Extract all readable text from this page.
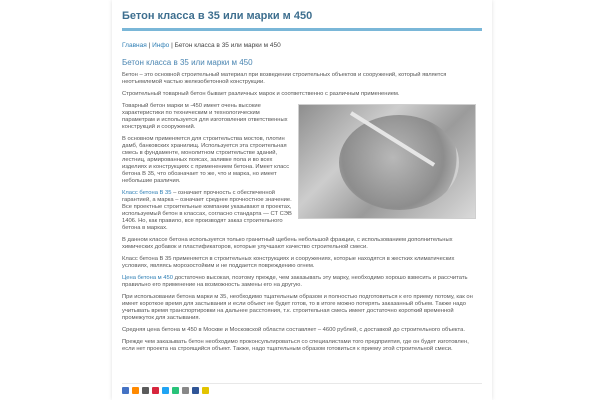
Бетон класса в 35 или марки м 450
Главная | Инфо | Бетон класса в 35 или марки м 450
Бетон класса в 35 или марки м 450

Бетон – это основной строительный материал при возведении строительных объектов и сооружений, который является неотъемлемой частью железобетонной конструкции.

Строительный товарный бетон бывает различных марок и соответственно с различным применением.

Товарный бетон марки м -450 имеет очень высокие характеристики по техническим и технологическим параметрам и используется для изготовления ответственных конструкций и сооружений.

В основном применяется для строительства мостов, плотин дамб, банковских хранилищ. Используется эта строительная смесь в фундаменте, монолитном строительстве зданий, лестниц, армированных поясах, заливке пола и во всех изделиях и конструкциях с применением бетона. Имеет класс бетона В 35, что обозначает то же, что и марка, но имеет небольшие различия.

Класс бетона В 35 – означает прочность с обеспеченной гарантией, а марка – означает среднее прочностное значение. Все проектные строительные компании указывают в проектах, используемый бетон в классах, согласно стандарта — СТ СЭВ 1406. Но, как правило, все производят заказ строительного бетона в марках.

В данном классе бетона используется только гранитный щебень небольшой фракции, с использованием дополнительных химических добавок и пластификаторов, которые улучшают качество строительной смеси.

Класс бетона В 35 применяется в строительных конструкциях и сооружениях, которые находятся в жестких климатических условиях, являясь морозостойким и не поддается повреждению огнем.

Цена бетона м 450 достаточно высокая, поэтому прежде, чем заказывать эту марку, необходимо хорошо взвесить и рассчитать правильно его применение на возможность замены его на другую.

При использовании бетона марки м 35, необходимо тщательным образом и полностью подготовиться к его приему потому, как он имеет короткое время для застывания и если объект не будет готов, то в итоге можно потерять заказанный объем. Также надо учитывать время транспортировки на дальнее расстояния, т.к. строительная смесь имеет достаточно короткий временной промежуток для застывания.

Средняя цена бетона м 450 в Москве и Московской области составляет – 4600 рублей, с доставкой до строительного объекта.

Прежде чем заказывать бетон необходимо проконсультироваться со специалистами того предприятия, где он будет изготовлен, если нет проекта на строящийся объект. Также, надо тщательным образом готовиться к приему этой строительной смеси.
